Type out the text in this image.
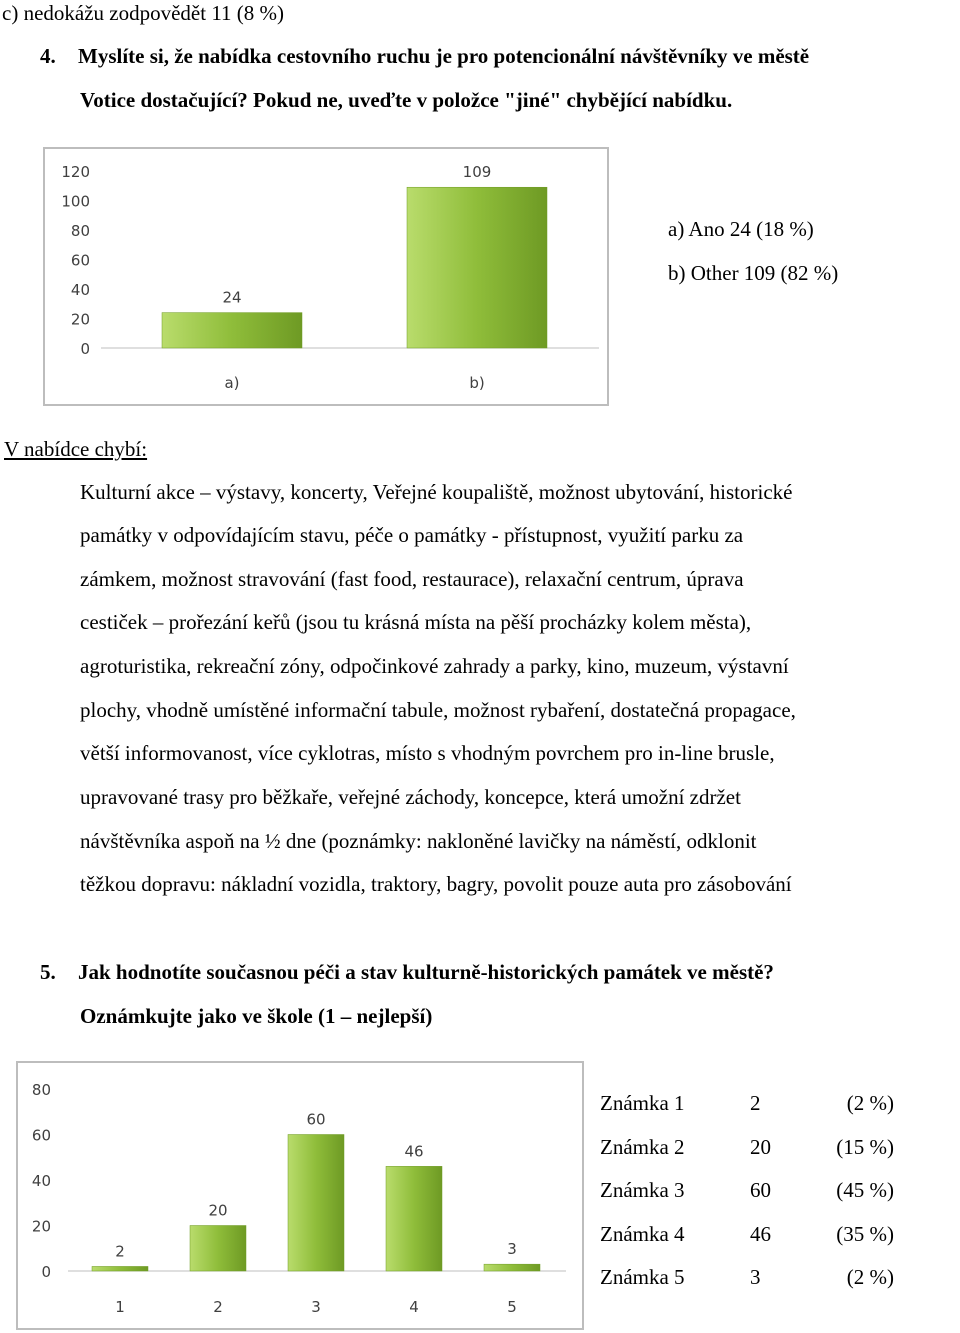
c) nedokážu zodpovědět 11 (8 %)
4. Myslíte si, že nabídka cestovního ruchu je pro potencionální návštěvníky ve městě
Votice dostačující? Pokud ne, uveďte v položce "jiné" chybějící nabídku.
0
20
40
60
80
100
120
24
a)
109
b)
a) Ano 24 (18 %)
b) Other 109 (82 %)
V nabídce chybí:
Kulturní akce – výstavy, koncerty, Veřejné koupaliště, možnost ubytování, historické
památky v odpovídajícím stavu, péče o památky - přístupnost, využití parku za
zámkem, možnost stravování (fast food, restaurace), relaxační centrum, úprava
cestiček – prořezání keřů (jsou tu krásná místa na pěší procházky kolem města),
agroturistika, rekreační zóny, odpočinkové zahrady a parky, kino, muzeum, výstavní
plochy, vhodně umístěné informační tabule, možnost rybaření, dostatečná propagace,
větší informovanost, více cyklotras, místo s vhodným povrchem pro in-line brusle,
upravované trasy pro běžkaře, veřejné záchody, koncepce, která umožní zdržet
návštěvníka aspoň na ½ dne (poznámky: nakloněné lavičky na náměstí, odklonit
těžkou dopravu: nákladní vozidla, traktory, bagry, povolit pouze auta pro zásobování
5. Jak hodnotíte současnou péči a stav kulturně-historických památek ve městě?
Oznámkujte jako ve škole (1 – nejlepší)
0
20
40
60
80
2
1
20
2
60
3
46
4
3
5
Známka 1	2	(2 %)
Známka 2	20	(15 %)
Známka 3	60	(45 %)
Známka 4	46	(35 %)
Známka 5	3	(2 %)
